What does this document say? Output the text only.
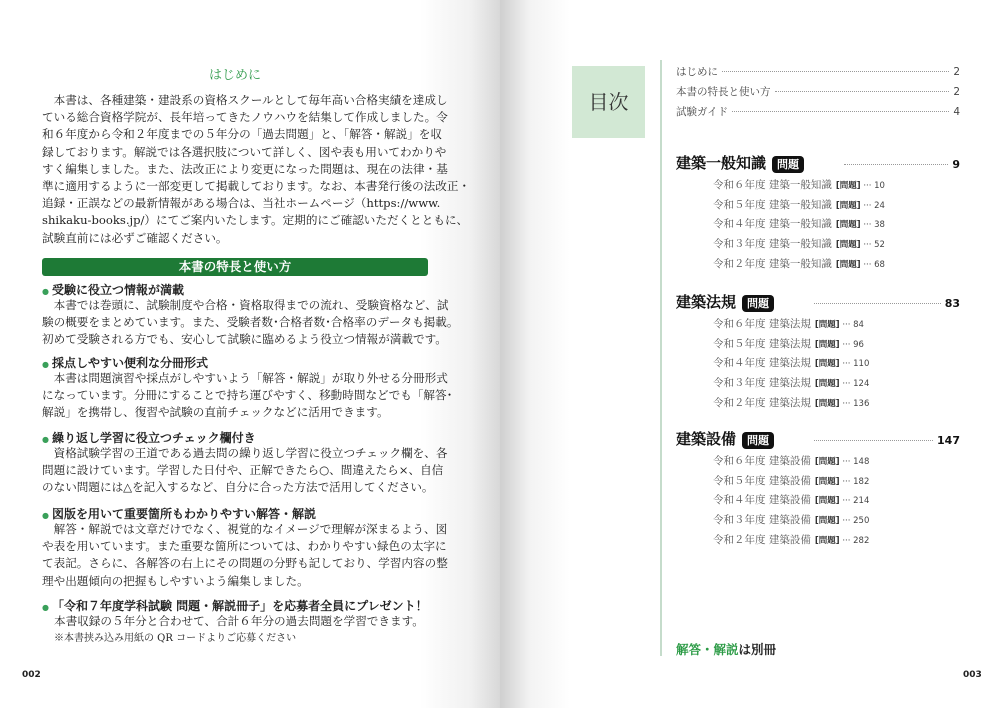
はじめに
　本書は、各種建築・建設系の資格スクールとして毎年高い合格実績を達成し
ている総合資格学院が、長年培ってきたノウハウを結集して作成しました。令
和６年度から令和２年度までの５年分の「過去問題」と、「解答・解説」を収
録しております。解説では各選択肢について詳しく、図や表も用いてわかりや
すく編集しました。また、法改正により変更になった問題は、現在の法律・基
準に適用するように一部変更して掲載しております。なお、本書発行後の法改正・
追録・正誤などの最新情報がある場合は、当社ホームページ（https://www.
shikaku-books.jp/）にてご案内いたします。定期的にご確認いただくとともに、
試験直前には必ずご確認ください。
本書の特長と使い方
● 受験に役立つ情報が満載
　本書では巻頭に、試験制度や合格・資格取得までの流れ、受験資格など、試
験の概要をまとめています。また、受験者数･合格者数･合格率のデータも掲載。
初めて受験される方でも、安心して試験に臨めるよう役立つ情報が満載です。
● 採点しやすい便利な分冊形式
　本書は問題演習や採点がしやすいよう「解答・解説」が取り外せる分冊形式
になっています。分冊にすることで持ち運びやすく、移動時間などでも「解答･
解説」を携帯し、復習や試験の直前チェックなどに活用できます。
● 繰り返し学習に役立つチェック欄付き
　資格試験学習の王道である過去問の繰り返し学習に役立つチェック欄を、各
問題に設けています。学習した日付や、正解できたら○、間違えたら×、自信
のない問題には△を記入するなど、自分に合った方法で活用してください。
● 図版を用いて重要箇所もわかりやすい解答・解説
　解答・解説では文章だけでなく、視覚的なイメージで理解が深まるよう、図
や表を用いています。また重要な箇所については、わかりやすい緑色の太字に
て表記。さらに、各解答の右上にその問題の分野も記しており、学習内容の整
理や出題傾向の把握もしやすいよう編集しました。
● 「令和７年度学科試験 問題・解説冊子」を応募者全員にプレゼント！
本書収録の５年分と合わせて、合計６年分の過去問題を学習できます。
※本書挟み込み用紙の QR コードよりご応募ください
002
目次
はじめに	2
本書の特長と使い方	2
試験ガイド	4
建築一般知識	問題	9
令和６年度 建築一般知識 [問題] ··· 10
令和５年度 建築一般知識 [問題] ··· 24
令和４年度 建築一般知識 [問題] ··· 38
令和３年度 建築一般知識 [問題] ··· 52
令和２年度 建築一般知識 [問題] ··· 68
建築法規	問題	83
令和６年度 建築法規 [問題] ··· 84
令和５年度 建築法規 [問題] ··· 96
令和４年度 建築法規 [問題] ··· 110
令和３年度 建築法規 [問題] ··· 124
令和２年度 建築法規 [問題] ··· 136
建築設備	問題	147
令和６年度 建築設備 [問題] ··· 148
令和５年度 建築設備 [問題] ··· 182
令和４年度 建築設備 [問題] ··· 214
令和３年度 建築設備 [問題] ··· 250
令和２年度 建築設備 [問題] ··· 282
解答・解説は別冊
003
